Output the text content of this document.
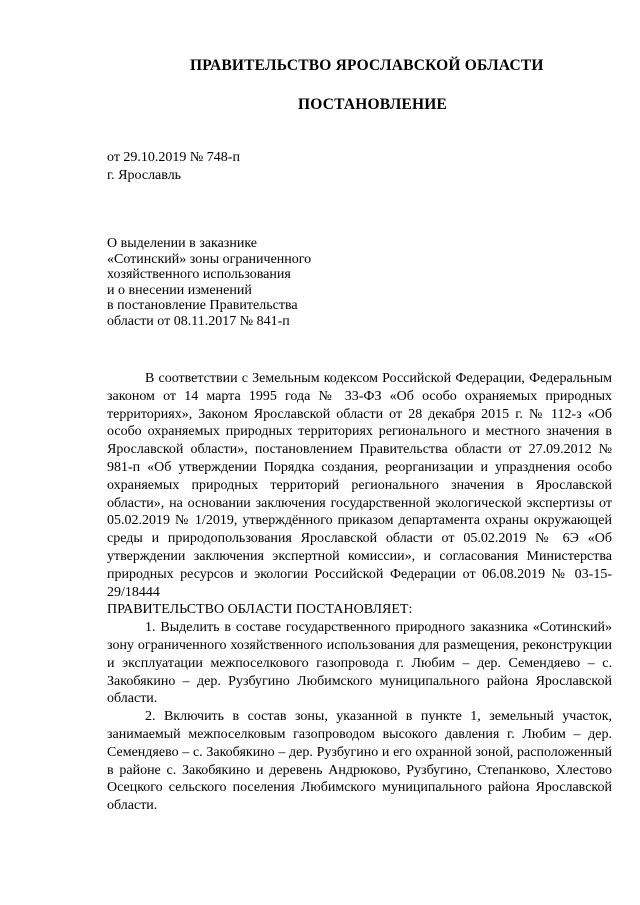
ПРАВИТЕЛЬСТВО ЯРОСЛАВСКОЙ ОБЛАСТИ
ПОСТАНОВЛЕНИЕ
от 29.10.2019 № 748-п
г. Ярославль
О выделении в заказнике
«Сотинский» зоны ограниченного
хозяйственного использования
и о внесении изменений
в постановление Правительства
области от 08.11.2017 № 841-п

В соответствии с Земельным кодексом Российской Федерации, Федеральным законом от 14 марта 1995 года № 33-ФЗ «Об особо охраняемых природных территориях», Законом Ярославской области от 28 декабря 2015 г. № 112-з «Об особо охраняемых природных территориях регионального и местного значения в Ярославской области», постановлением Правительства области от 27.09.2012 № 981-п «Об утверждении Порядка создания, реорганизации и упразднения особо охраняемых природных территорий регионального значения в Ярославской области», на основании заключения государственной экологической экспертизы от 05.02.2019 № 1/2019, утверждённого приказом департамента охраны окружающей среды и природопользования Ярославской области от 05.02.2019 № 6Э «Об утверждении заключения экспертной комиссии», и согласования Министерства природных ресурсов и экологии Российской Федерации от 06.08.2019 № 03-15-29/18444

ПРАВИТЕЛЬСТВО ОБЛАСТИ ПОСТАНОВЛЯЕТ:

1. Выделить в составе государственного природного заказника «Сотинский» зону ограниченного хозяйственного использования для размещения, реконструкции и эксплуатации межпоселкового газопровода г. Любим – дер. Семендяево – с. Закобякино – дер. Рузбугино Любимского муниципального района Ярославской области.

2. Включить в состав зоны, указанной в пункте 1, земельный участок, занимаемый межпоселковым газопроводом высокого давления г. Любим – дер. Семендяево – с. Закобякино – дер. Рузбугино и его охранной зоной, расположенный в районе с. Закобякино и деревень Андрюково, Рузбугино, Степанково, Хлестово Осецкого сельского поселения Любимского муниципального района Ярославской области.
